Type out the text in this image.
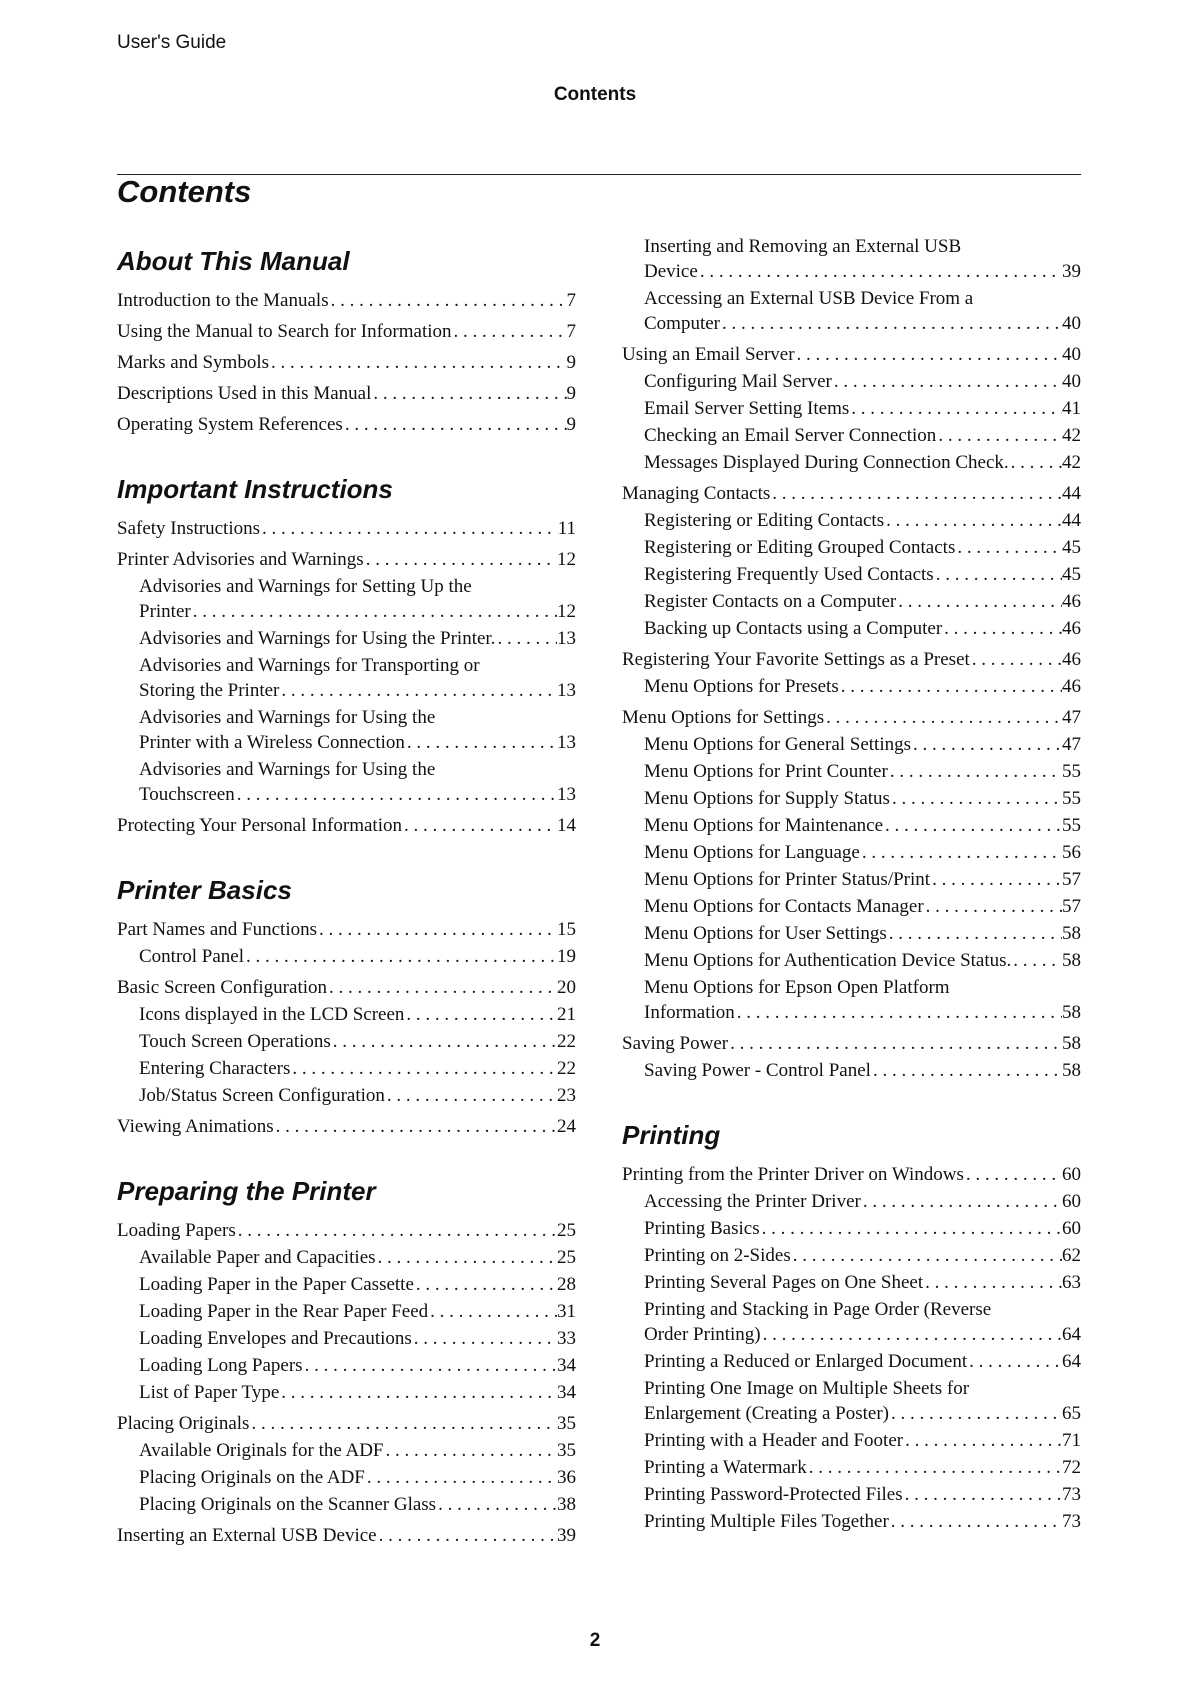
User's Guide
Contents
Contents
About This Manual
Introduction to the Manuals . . .	7
Using the Manual to Search for Information . . .	7
Marks and Symbols . . .	9
Descriptions Used in this Manual . . .	9
Operating System References . . .	9
Important Instructions
Safety Instructions . . .	11
Printer Advisories and Warnings . . .	12
Advisories and Warnings for Setting Up the
Printer . . .	12
Advisories and Warnings for Using the Printer. . . .	13
Advisories and Warnings for Transporting or
Storing the Printer . . .	13
Advisories and Warnings for Using the
Printer with a Wireless Connection . . .	13
Advisories and Warnings for Using the
Touchscreen . . .	13
Protecting Your Personal Information . . .	14
Printer Basics
Part Names and Functions . . .	15
Control Panel . . .	19
Basic Screen Configuration . . .	20
Icons displayed in the LCD Screen . . .	21
Touch Screen Operations . . .	22
Entering Characters . . .	22
Job/Status Screen Configuration . . .	23
Viewing Animations . . .	24
Preparing the Printer
Loading Papers . . .	25
Available Paper and Capacities . . .	25
Loading Paper in the Paper Cassette . . .	28
Loading Paper in the Rear Paper Feed . . .	31
Loading Envelopes and Precautions . . .	33
Loading Long Papers . . .	34
List of Paper Type . . .	34
Placing Originals . . .	35
Available Originals for the ADF . . .	35
Placing Originals on the ADF . . .	36
Placing Originals on the Scanner Glass . . .	38
Inserting an External USB Device . . .	39
Inserting and Removing an External USB
Device . . .	39
Accessing an External USB Device From a
Computer . . .	40
Using an Email Server . . .	40
Configuring Mail Server . . .	40
Email Server Setting Items . . .	41
Checking an Email Server Connection . . .	42
Messages Displayed During Connection Check. . . .	42
Managing Contacts . . .	44
Registering or Editing Contacts . . .	44
Registering or Editing Grouped Contacts . . .	45
Registering Frequently Used Contacts . . .	45
Register Contacts on a Computer . . .	46
Backing up Contacts using a Computer . . .	46
Registering Your Favorite Settings as a Preset . . .	46
Menu Options for Presets . . .	46
Menu Options for Settings . . .	47
Menu Options for General Settings . . .	47
Menu Options for Print Counter . . .	55
Menu Options for Supply Status . . .	55
Menu Options for Maintenance . . .	55
Menu Options for Language . . .	56
Menu Options for Printer Status/Print . . .	57
Menu Options for Contacts Manager . . .	57
Menu Options for User Settings . . .	58
Menu Options for Authentication Device Status. . . .	58
Menu Options for Epson Open Platform
Information . . .	58
Saving Power . . .	58
Saving Power - Control Panel . . .	58
Printing
Printing from the Printer Driver on Windows . . .	60
Accessing the Printer Driver . . .	60
Printing Basics . . .	60
Printing on 2-Sides . . .	62
Printing Several Pages on One Sheet . . .	63
Printing and Stacking in Page Order (Reverse
Order Printing) . . .	64
Printing a Reduced or Enlarged Document . . .	64
Printing One Image on Multiple Sheets for
Enlargement (Creating a Poster) . . .	65
Printing with a Header and Footer . . .	71
Printing a Watermark . . .	72
Printing Password-Protected Files . . .	73
Printing Multiple Files Together . . .	73
2
